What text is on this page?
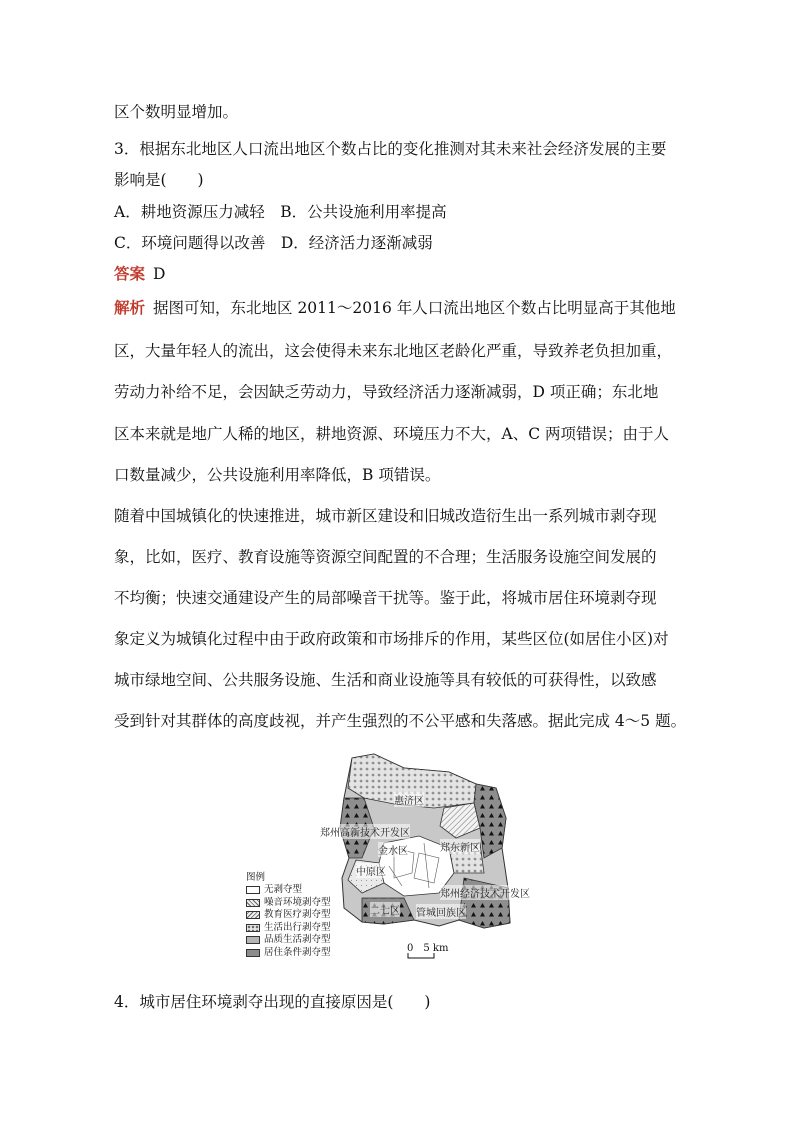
区个数明显增加。
3．根据东北地区人口流出地区个数占比的变化推测对其未来社会经济发展的主要
影响是(　　)
A．耕地资源压力减轻　B．公共设施利用率提高
C．环境问题得以改善　D．经济活力逐渐减弱
答案 D
解析 据图可知，东北地区 2011～2016 年人口流出地区个数占比明显高于其他地
区，大量年轻人的流出，这会使得未来东北地区老龄化严重，导致养老负担加重，
劳动力补给不足，会因缺乏劳动力，导致经济活力逐渐减弱，D 项正确；东北地
区本来就是地广人稀的地区，耕地资源、环境压力不大，A、C 两项错误；由于人
口数量减少，公共设施利用率降低，B 项错误。
随着中国城镇化的快速推进，城市新区建设和旧城改造衍生出一系列城市剥夺现
象，比如，医疗、教育设施等资源空间配置的不合理；生活服务设施空间发展的
不均衡；快速交通建设产生的局部噪音干扰等。鉴于此，将城市居住环境剥夺现
象定义为城镇化过程中由于政府政策和市场排斥的作用，某些区位(如居住小区)对
城市绿地空间、公共服务设施、生活和商业设施等具有较低的可获得性，以致感
受到针对其群体的高度歧视，并产生强烈的不公平感和失落感。据此完成 4～5 题。
惠济区
郑州高新技术开发区
金水区	郑东新区
中原区
郑州经济技术开发区
二七区 管城回族区
图例
无剥夺型
噪音环境剥夺型
教育医疗剥夺型
生活出行剥夺型
品质生活剥夺型
居住条件剥夺型	0　5 km
4．城市居住环境剥夺出现的直接原因是(　　)
